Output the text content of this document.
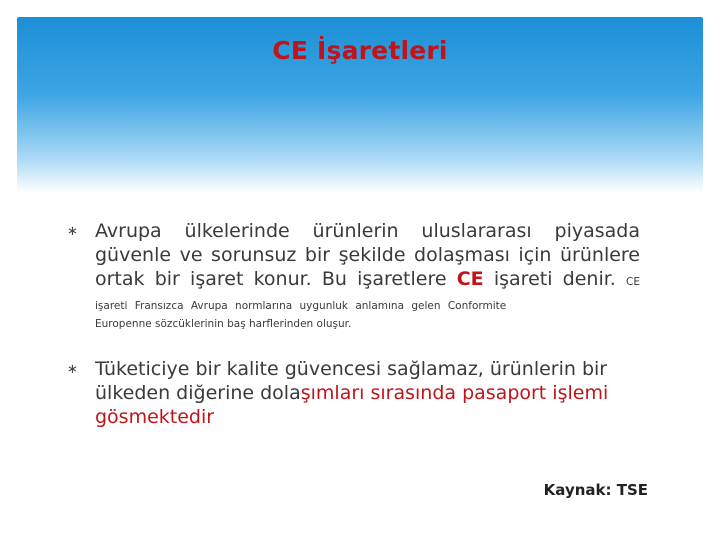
CE İşaretleri
∗ Avrupa ülkelerinde ürünlerin uluslararası piyasada güvenle ve sorunsuz bir şekilde dolaşması için ürünlere ortak bir işaret konur. Bu işaretlere CE işareti denir. CE işareti Fransızca Avrupa normlarına uygunluk anlamına gelen Conformite
Europenne sözcüklerinin baş harflerinden oluşur.
∗ Tüketiciye bir kalite güvencesi sağlamaz, ürünlerin bir ülkeden diğerine dolaşımları sırasında pasaport işlemi gösmektedir
Kaynak: TSE
